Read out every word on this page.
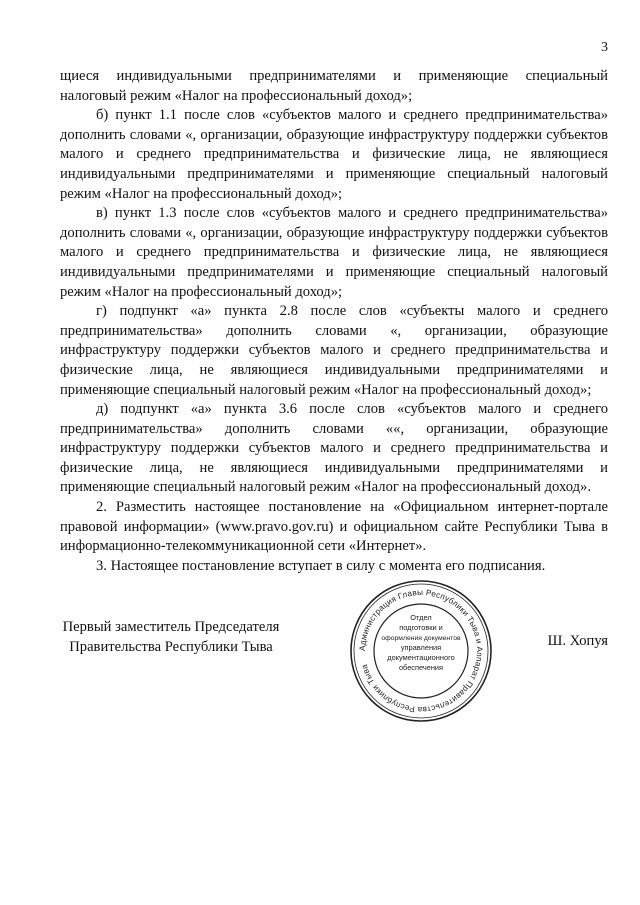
3

щиеся индивидуальными предпринимателями и применяющие специальный налоговый режим «Налог на профессиональный доход»;

б) пункт 1.1 после слов «субъектов малого и среднего предпринимательства» дополнить словами «, организации, образующие инфраструктуру поддержки субъектов малого и среднего предпринимательства и физические лица, не являющиеся индивидуальными предпринимателями и применяющие специальный налоговый режим «Налог на профессиональный доход»;

в) пункт 1.3 после слов «субъектов малого и среднего предпринимательства» дополнить словами «, организации, образующие инфраструктуру поддержки субъектов малого и среднего предпринимательства и физические лица, не являющиеся индивидуальными предпринимателями и применяющие специальный налоговый режим «Налог на профессиональный доход»;

г) подпункт «а» пункта 2.8 после слов «субъекты малого и среднего предпринимательства» дополнить словами «, организации, образующие инфраструктуру поддержки субъектов малого и среднего предпринимательства и физические лица, не являющиеся индивидуальными предпринимателями и применяющие специальный налоговый режим «Налог на профессиональный доход»;

д) подпункт «а» пункта 3.6 после слов «субъектов малого и среднего предпринимательства» дополнить словами ««, организации, образующие инфраструктуру поддержки субъектов малого и среднего предпринимательства и физические лица, не являющиеся индивидуальными предпринимателями и применяющие специальный налоговый режим «Налог на профессиональный доход».

2. Разместить настоящее постановление на «Официальном интернет-портале правовой информации» (www.pravo.gov.ru) и официальном сайте Республики Тыва в информационно-телекоммуникационной сети «Интернет».

3. Настоящее постановление вступает в силу с момента его подписания.

Первый заместитель Председателя
Правительства Республики Тыва	Администрация Главы Республики Тыва и Аппарат Правительства Республики Тыва
Отдел
подготовки и
оформления документов
управления
документационного
обеспечения
Ш. Хопуя
